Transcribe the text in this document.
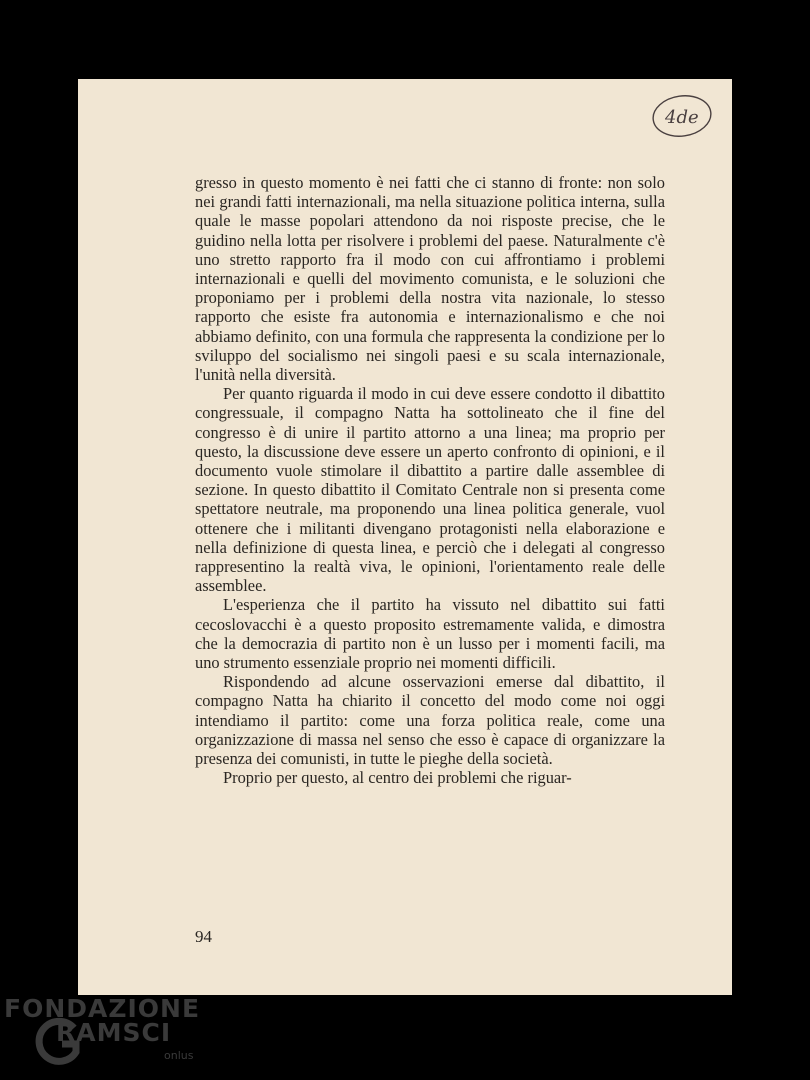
4de

gresso in questo momento è nei fatti che ci stanno di fronte: non solo nei grandi fatti internazionali, ma nella situazione politica interna, sulla quale le masse popolari attendono da noi risposte precise, che le guidino nella lotta per risolvere i problemi del paese. Naturalmente c'è uno stretto rapporto fra il modo con cui affrontiamo i problemi internazionali e quelli del movimento comunista, e le soluzioni che proponiamo per i problemi della nostra vita nazionale, lo stesso rapporto che esiste fra autonomia e internazionalismo e che noi abbiamo definito, con una formula che rappresenta la condizione per lo sviluppo del socialismo nei singoli paesi e su scala internazionale, l'unità nella diversità.

Per quanto riguarda il modo in cui deve essere condotto il dibattito congressuale, il compagno Natta ha sottolineato che il fine del congresso è di unire il partito attorno a una linea; ma proprio per questo, la discussione deve essere un aperto confronto di opinioni, e il documento vuole stimolare il dibattito a partire dalle assemblee di sezione. In questo dibattito il Comitato Centrale non si presenta come spettatore neutrale, ma proponendo una linea politica generale, vuol ottenere che i militanti divengano protagonisti nella elaborazione e nella definizione di questa linea, e perciò che i delegati al congresso rappresentino la realtà viva, le opinioni, l'orientamento reale delle assemblee.

L'esperienza che il partito ha vissuto nel dibattito sui fatti cecoslovacchi è a questo proposito estremamente valida, e dimostra che la democrazia di partito non è un lusso per i momenti facili, ma uno strumento essenziale proprio nei momenti difficili.

Rispondendo ad alcune osservazioni emerse dal dibattito, il compagno Natta ha chiarito il concetto del modo come noi oggi intendiamo il partito: come una forza politica reale, come una organizzazione di massa nel senso che esso è capace di organizzare la presenza dei comunisti, in tutte le pieghe della società.

Proprio per questo, al centro dei problemi che riguar-

94
FONDAZIONE
RAMSCI
onlus
